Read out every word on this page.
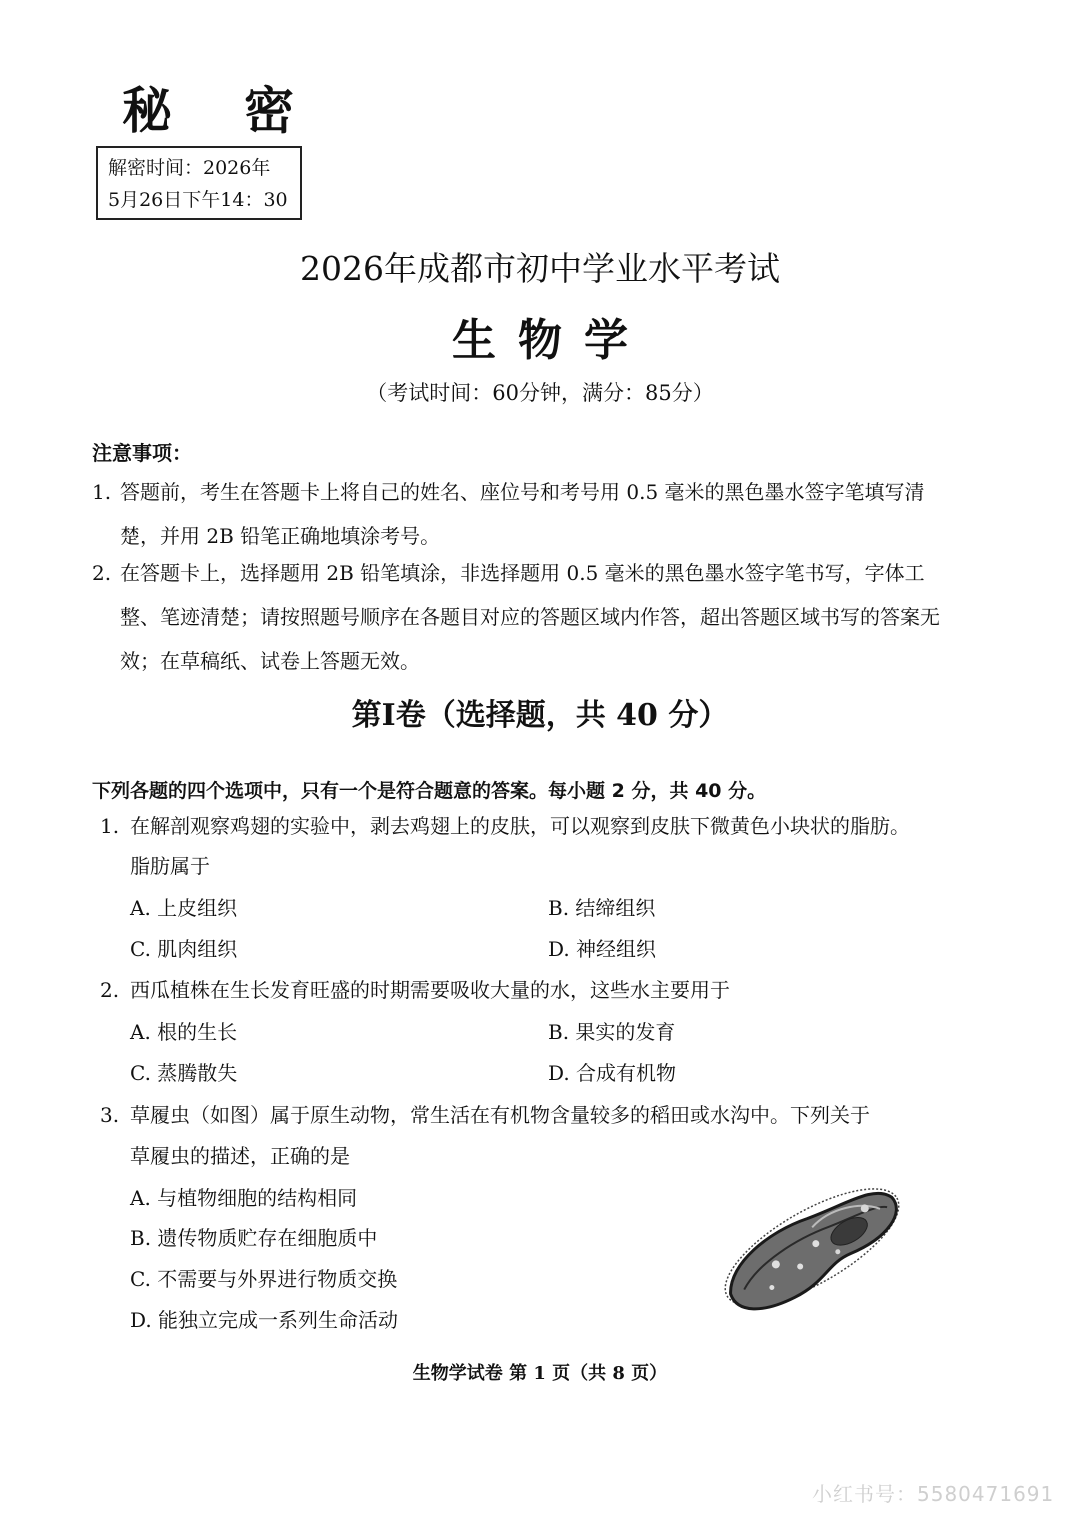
秘密
解密时间：2026年
5月26日下午14：30
2026年成都市初中学业水平考试
生物学
（考试时间：60分钟，满分：85分）
注意事项：
1. 答题前，考生在答题卡上将自己的姓名、座位号和考号用 0.5 毫米的黑色墨水签字笔填写清楚，并用 2B 铅笔正确地填涂考号。
2. 在答题卡上，选择题用 2B 铅笔填涂，非选择题用 0.5 毫米的黑色墨水签字笔书写，字体工整、笔迹清楚；请按照题号顺序在各题目对应的答题区域内作答，超出答题区域书写的答案无效；在草稿纸、试卷上答题无效。
第Ⅰ卷（选择题，共 40 分）
下列各题的四个选项中，只有一个是符合题意的答案。每小题 2 分，共 40 分。
1. 在解剖观察鸡翅的实验中，剥去鸡翅上的皮肤，可以观察到皮肤下微黄色小块状的脂肪。
脂肪属于
A. 上皮组织	B. 结缔组织
C. 肌肉组织	D. 神经组织
2. 西瓜植株在生长发育旺盛的时期需要吸收大量的水，这些水主要用于
A. 根的生长	B. 果实的发育
C. 蒸腾散失	D. 合成有机物
3. 草履虫（如图）属于原生动物，常生活在有机物含量较多的稻田或水沟中。下列关于
草履虫的描述，正确的是
A. 与植物细胞的结构相同
B. 遗传物质贮存在细胞质中
C. 不需要与外界进行物质交换
D. 能独立完成一系列生命活动
生物学试卷 第 1 页（共 8 页）
小红书号：5580471691
